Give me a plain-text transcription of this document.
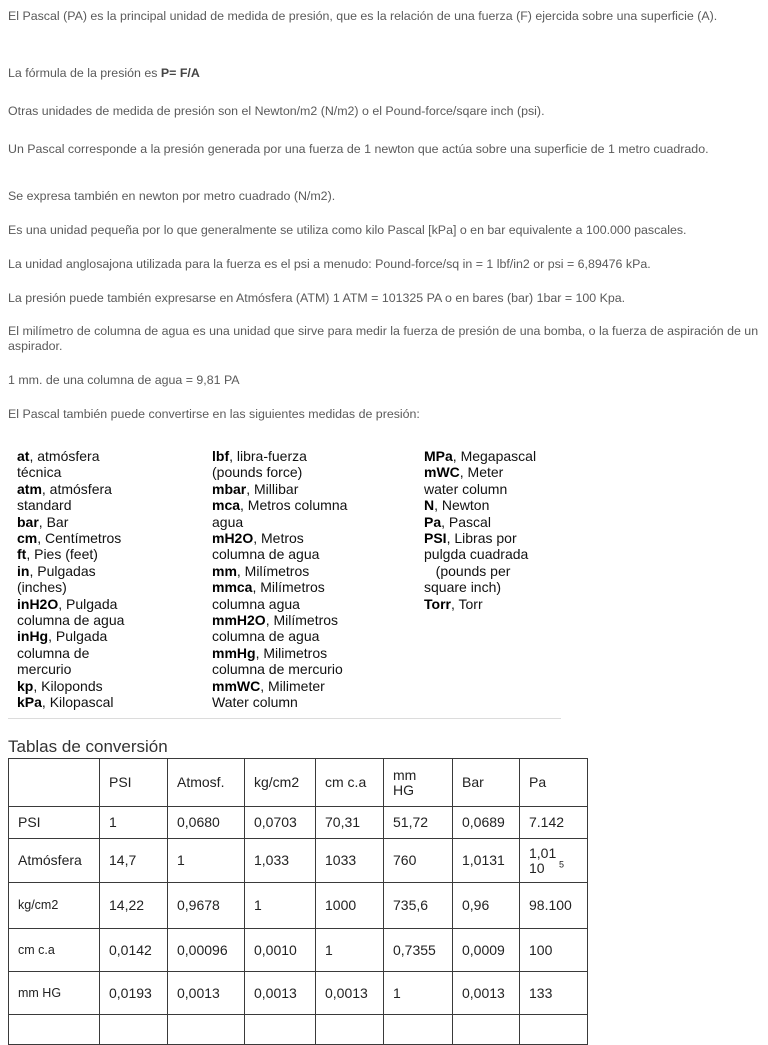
El Pascal (PA) es la principal unidad de medida de presión, que es la relación de una fuerza (F) ejercida sobre una superficie (A).
La fórmula de la presión es P= F/A
Otras unidades de medida de presión son el Newton/m2 (N/m2) o el Pound-force/sqare inch (psi).
Un Pascal corresponde a la presión generada por una fuerza de 1 newton que actúa sobre una superficie de 1 metro cuadrado.
Se expresa también en newton por metro cuadrado (N/m2).
Es una unidad pequeña por lo que generalmente se utiliza como kilo Pascal [kPa] o en bar equivalente a 100.000 pascales.
La unidad anglosajona utilizada para la fuerza es el psi a menudo: Pound-force/sq in = 1 lbf/in2 or psi = 6,89476 kPa.
La presión puede también expresarse en Atmósfera (ATM) 1 ATM = 101325 PA o en bares (bar) 1bar = 100 Kpa.
El milímetro de columna de agua es una unidad que sirve para medir la fuerza de presión de una bomba, o la fuerza de aspiración de un aspirador.
1 mm. de una columna de agua = 9,81 PA
El Pascal también puede convertirse en las siguientes medidas de presión:
at, atmósfera
técnica
atm, atmósfera
standard
bar, Bar
cm, Centímetros
ft, Pies (feet)
in, Pulgadas
(inches)
inH2O, Pulgada
columna de agua
inHg, Pulgada
columna de
mercurio
kp, Kiloponds
kPa, Kilopascal
lbf, libra-fuerza
(pounds force)
mbar, Millibar
mca, Metros columna
agua
mH2O, Metros
columna de agua
mm, Milímetros
mmca, Milímetros
columna agua
mmH2O, Milímetros
columna de agua
mmHg, Milimetros
columna de mercurio
mmWC, Milimeter
Water column
MPa, Megapascal
mWC, Meter
water column
N, Newton
Pa, Pascal
PSI, Libras por
pulgda cuadrada
(pounds per
square inch)
Torr, Torr
Tablas de conversión
	PSI	Atmosf.	kg/cm2	cm c.a	mm HG	Bar	Pa
PSI	1	0,0680	0,0703	70,31	51,72	0,0689	7.142
Atmósfera	14,7	1	1,033	1033	760	1,0131	1,01 10 $^5$
kg/cm2	14,22	0,9678	1	1000	735,6	0,96	98.100
cm c.a	0,0142	0,00096	0,0010	1	0,7355	0,0009	100
mm HG	0,0193	0,0013	0,0013	0,0013	1	0,0013	133
